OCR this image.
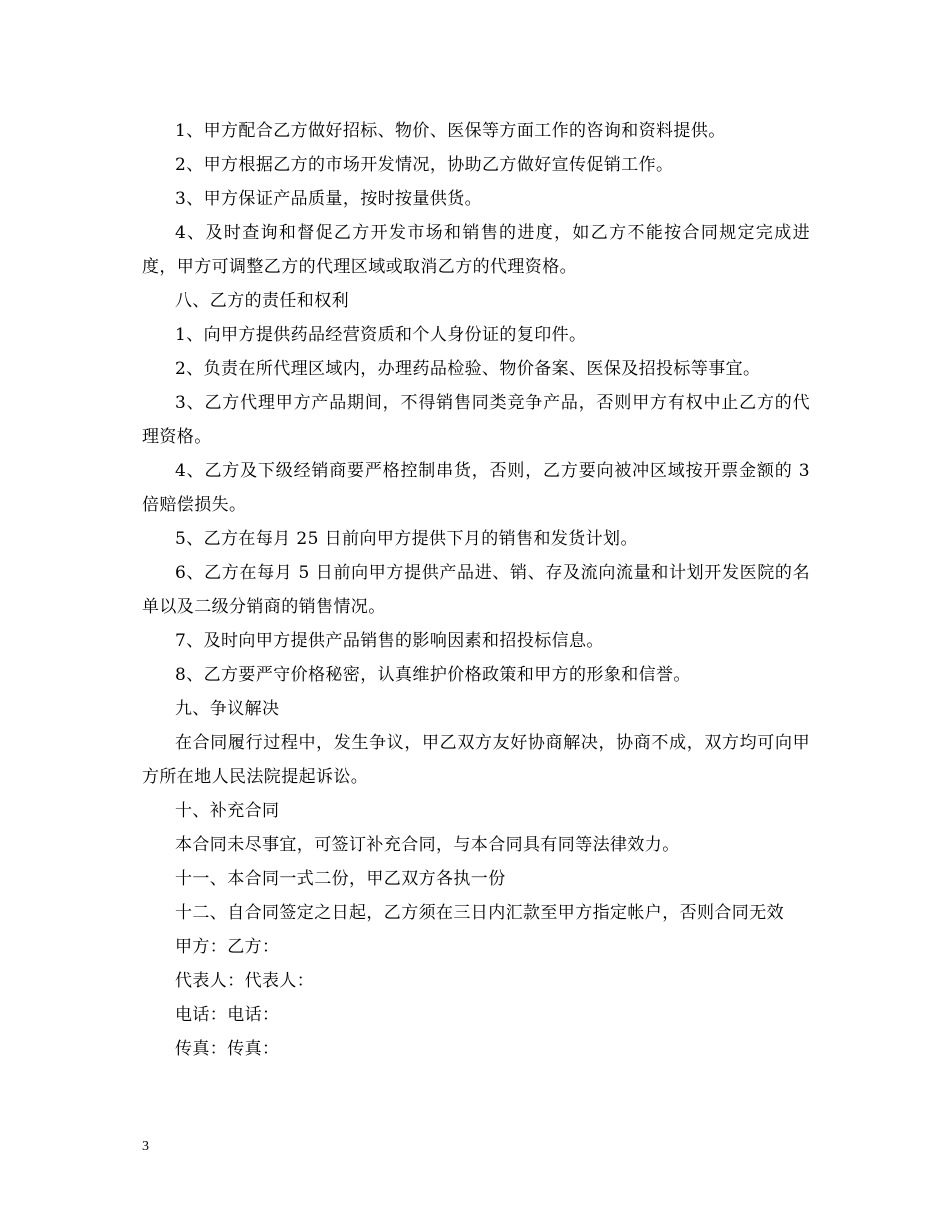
1、甲方配合乙方做好招标、物价、医保等方面工作的咨询和资料提供。

2、甲方根据乙方的市场开发情况，协助乙方做好宣传促销工作。

3、甲方保证产品质量，按时按量供货。

4、及时查询和督促乙方开发市场和销售的进度，如乙方不能按合同规定完成进度，甲方可调整乙方的代理区域或取消乙方的代理资格。

八、乙方的责任和权利

1、向甲方提供药品经营资质和个人身份证的复印件。

2、负责在所代理区域内，办理药品检验、物价备案、医保及招投标等事宜。

3、乙方代理甲方产品期间，不得销售同类竞争产品，否则甲方有权中止乙方的代理资格。

4、乙方及下级经销商要严格控制串货，否则，乙方要向被冲区域按开票金额的 3 倍赔偿损失。

5、乙方在每月 25 日前向甲方提供下月的销售和发货计划。

6、乙方在每月 5 日前向甲方提供产品进、销、存及流向流量和计划开发医院的名单以及二级分销商的销售情况。

7、及时向甲方提供产品销售的影响因素和招投标信息。

8、乙方要严守价格秘密，认真维护价格政策和甲方的形象和信誉。

九、争议解决

在合同履行过程中，发生争议，甲乙双方友好协商解决，协商不成，双方均可向甲方所在地人民法院提起诉讼。

十、补充合同

本合同未尽事宜，可签订补充合同，与本合同具有同等法律效力。

十一、本合同一式二份，甲乙双方各执一份

十二、自合同签定之日起，乙方须在三日内汇款至甲方指定帐户，否则合同无效

甲方：乙方：

代表人：代表人：

电话：电话：

传真：传真：

3
